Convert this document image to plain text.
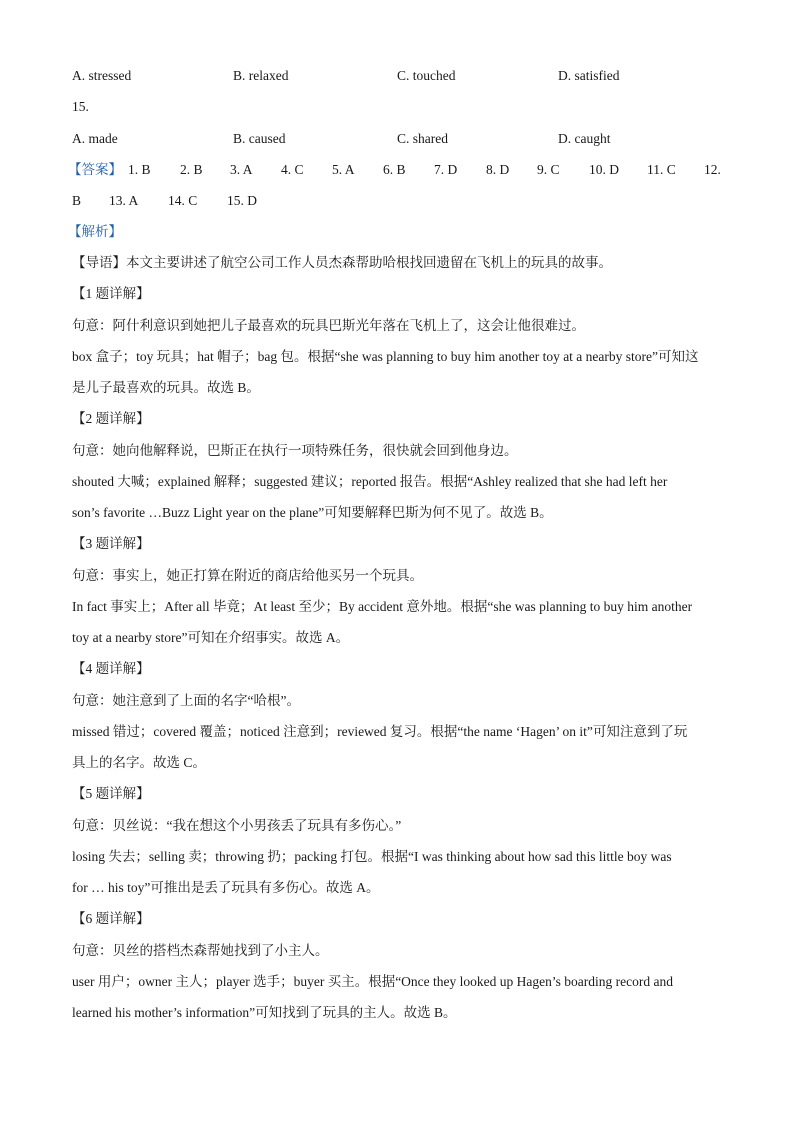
A. stressed	B. relaxed	C. touched	D. satisfied
15.
A. made	B. caused	C. shared	D. caught
【答案】 1. B 2. B 3. A 4. C 5. A 6. B 7. D 8. D 9. C 10. D 11. C 12.
B 13. A 14. C 15. D
【解析】
【导语】本文主要讲述了航空公司工作人员杰森帮助哈根找回遗留在飞机上的玩具的故事。
【1 题详解】
句意：阿什利意识到她把儿子最喜欢的玩具巴斯光年落在飞机上了，这会让他很难过。
box 盒子；toy 玩具；hat 帽子；bag 包。根据“she was planning to buy him another toy at a nearby store”可知这
是儿子最喜欢的玩具。故选 B。
【2 题详解】
句意：她向他解释说，巴斯正在执行一项特殊任务，很快就会回到他身边。
shouted 大喊；explained 解释；suggested 建议；reported 报告。根据“Ashley realized that she had left her
son’s favorite …Buzz Light year on the plane”可知要解释巴斯为何不见了。故选 B。
【3 题详解】
句意：事实上，她正打算在附近的商店给他买另一个玩具。
In fact 事实上；After all 毕竟；At least 至少；By accident 意外地。根据“she was planning to buy him another
toy at a nearby store”可知在介绍事实。故选 A。
【4 题详解】
句意：她注意到了上面的名字“哈根”。
missed 错过；covered 覆盖；noticed 注意到；reviewed 复习。根据“the name ‘Hagen’ on it”可知注意到了玩
具上的名字。故选 C。
【5 题详解】
句意：贝丝说：“我在想这个小男孩丢了玩具有多伤心。”
losing 失去；selling 卖；throwing 扔；packing 打包。根据“I was thinking about how sad this little boy was
for … his toy”可推出是丢了玩具有多伤心。故选 A。
【6 题详解】
句意：贝丝的搭档杰森帮她找到了小主人。
user 用户；owner 主人；player 选手；buyer 买主。根据“Once they looked up Hagen’s boarding record and
learned his mother’s information”可知找到了玩具的主人。故选 B。
